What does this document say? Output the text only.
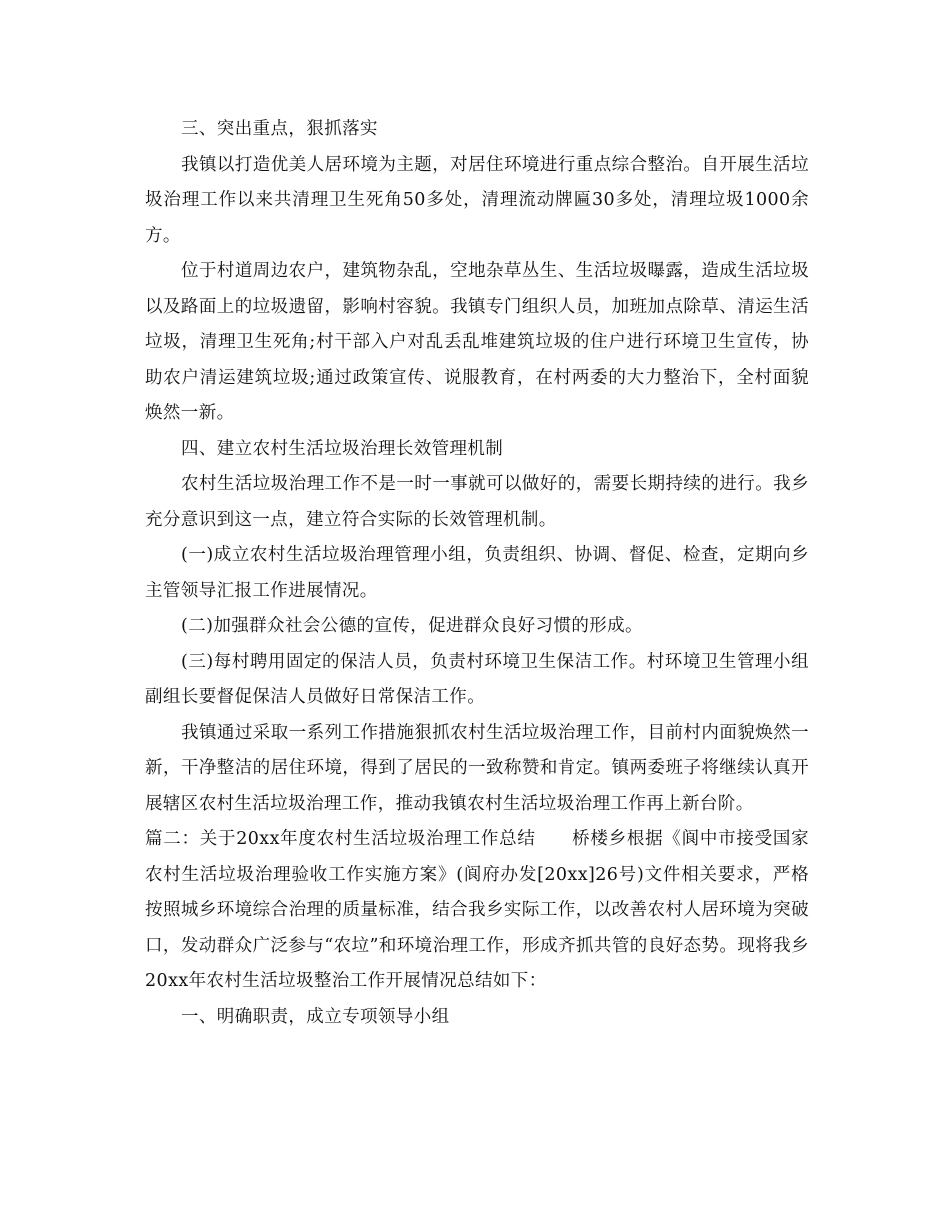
三、突出重点，狠抓落实

我镇以打造优美人居环境为主题，对居住环境进行重点综合整治。自开展生活垃圾治理工作以来共清理卫生死角50多处，清理流动牌匾30多处，清理垃圾1000余方。

位于村道周边农户，建筑物杂乱，空地杂草丛生、生活垃圾曝露，造成生活垃圾以及路面上的垃圾遗留，影响村容貌。我镇专门组织人员，加班加点除草、清运生活垃圾，清理卫生死角;村干部入户对乱丢乱堆建筑垃圾的住户进行环境卫生宣传，协助农户清运建筑垃圾;通过政策宣传、说服教育，在村两委的大力整治下，全村面貌焕然一新。

四、建立农村生活垃圾治理长效管理机制

农村生活垃圾治理工作不是一时一事就可以做好的，需要长期持续的进行。我乡充分意识到这一点，建立符合实际的长效管理机制。

(一)成立农村生活垃圾治理管理小组，负责组织、协调、督促、检查，定期向乡主管领导汇报工作进展情况。

(二)加强群众社会公德的宣传，促进群众良好习惯的形成。

(三)每村聘用固定的保洁人员，负责村环境卫生保洁工作。村环境卫生管理小组副组长要督促保洁人员做好日常保洁工作。

我镇通过采取一系列工作措施狠抓农村生活垃圾治理工作，目前村内面貌焕然一新，干净整洁的居住环境，得到了居民的一致称赞和肯定。镇两委班子将继续认真开展辖区农村生活垃圾治理工作，推动我镇农村生活垃圾治理工作再上新台阶。

篇二：关于20xx年度农村生活垃圾治理工作总结　　桥楼乡根据《阆中市接受国家农村生活垃圾治理验收工作实施方案》(阆府办发[20xx]26号)文件相关要求，严格按照城乡环境综合治理的质量标准，结合我乡实际工作，以改善农村人居环境为突破口，发动群众广泛参与“农垃”和环境治理工作，形成齐抓共管的良好态势。现将我乡20xx年农村生活垃圾整治工作开展情况总结如下：

一、明确职责，成立专项领导小组
